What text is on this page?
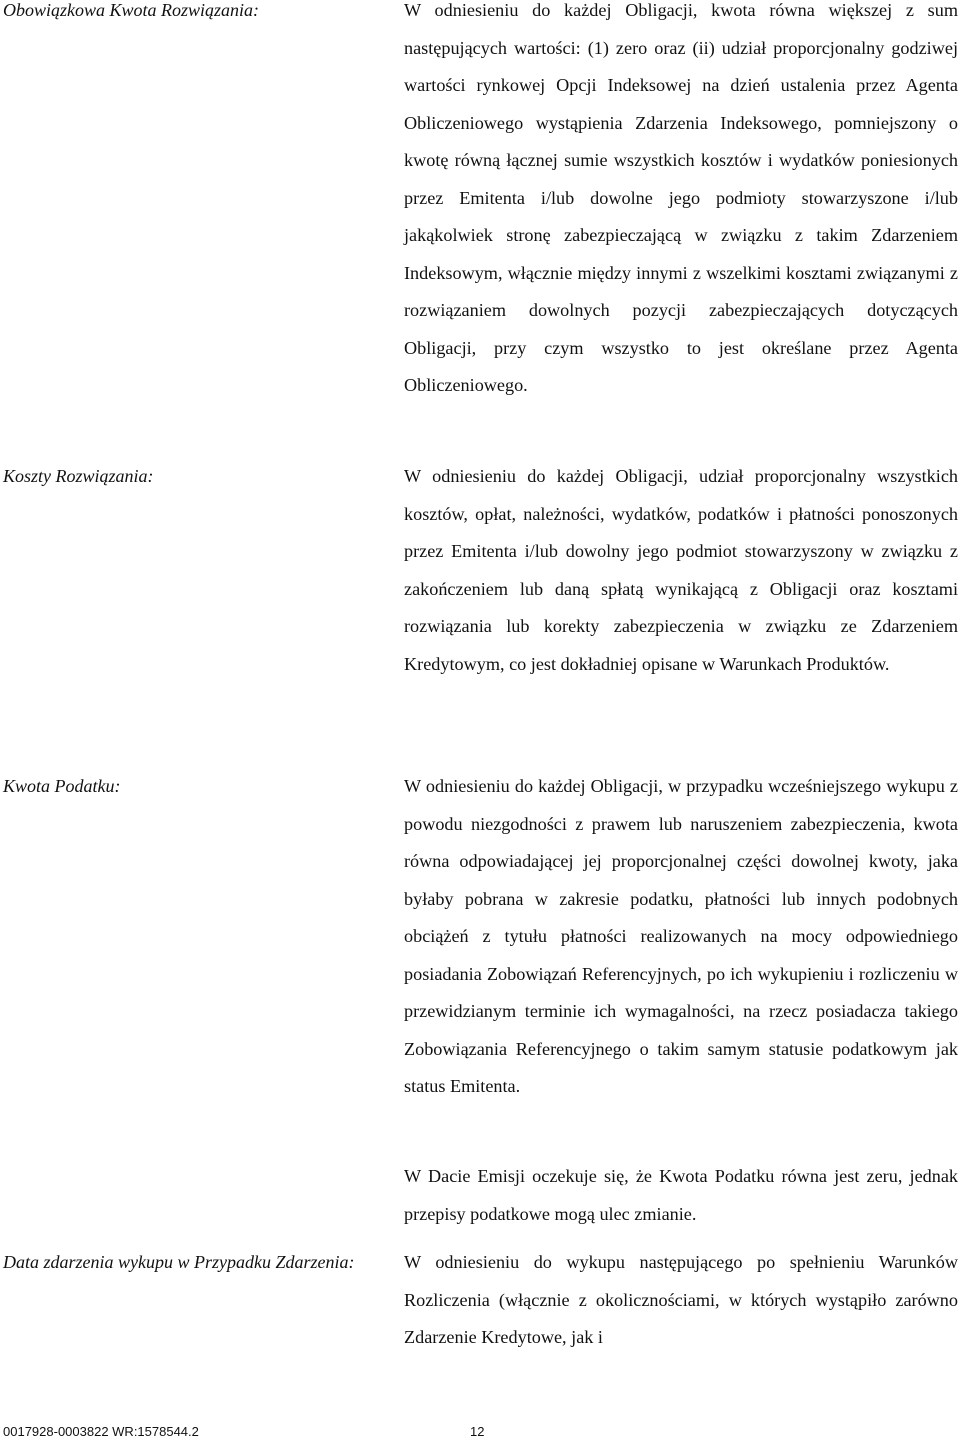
Obowiązkowa Kwota Rozwiązania:	W odniesieniu do każdej Obligacji, kwota równa większej z sum następujących wartości: (1) zero oraz (ii) udział proporcjonalny godziwej wartości rynkowej Opcji Indeksowej na dzień ustalenia przez Agenta Obliczeniowego wystąpienia Zdarzenia Indeksowego, pomniejszony o kwotę równą łącznej sumie wszystkich kosztów i wydatków poniesionych przez Emitenta i/lub dowolne jego podmioty stowarzyszone i/lub jakąkolwiek stronę zabezpieczającą w związku z takim Zdarzeniem Indeksowym, włącznie między innymi z wszelkimi kosztami związanymi z rozwiązaniem dowolnych pozycji zabezpieczających dotyczących Obligacji, przy czym wszystko to jest określane przez Agenta Obliczeniowego.

Koszty Rozwiązania:	W odniesieniu do każdej Obligacji, udział proporcjonalny wszystkich kosztów, opłat, należności, wydatków, podatków i płatności ponoszonych przez Emitenta i/lub dowolny jego podmiot stowarzyszony w związku z zakończeniem lub daną spłatą wynikającą z Obligacji oraz kosztami rozwiązania lub korekty zabezpieczenia w związku ze Zdarzeniem Kredytowym, co jest dokładniej opisane w Warunkach Produktów.

Kwota Podatku:	W odniesieniu do każdej Obligacji, w przypadku wcześniejszego wykupu z powodu niezgodności z prawem lub naruszeniem zabezpieczenia, kwota równa odpowiadającej jej proporcjonalnej części dowolnej kwoty, jaka byłaby pobrana w zakresie podatku, płatności lub innych podobnych obciążeń z tytułu płatności realizowanych na mocy odpowiedniego posiadania Zobowiązań Referencyjnych, po ich wykupieniu i rozliczeniu w przewidzianym terminie ich wymagalności, na rzecz posiadacza takiego Zobowiązania Referencyjnego o takim samym statusie podatkowym jak status Emitenta.

W Dacie Emisji oczekuje się, że Kwota Podatku równa jest zeru, jednak przepisy podatkowe mogą ulec zmianie.

Data zdarzenia wykupu w Przypadku Zdarzenia:	W odniesieniu do wykupu następującego po spełnieniu Warunków Rozliczenia (włącznie z okolicznościami, w których wystąpiło zarówno Zdarzenie Kredytowe, jak i

0017928-0003822 WR:1578544.2	12
